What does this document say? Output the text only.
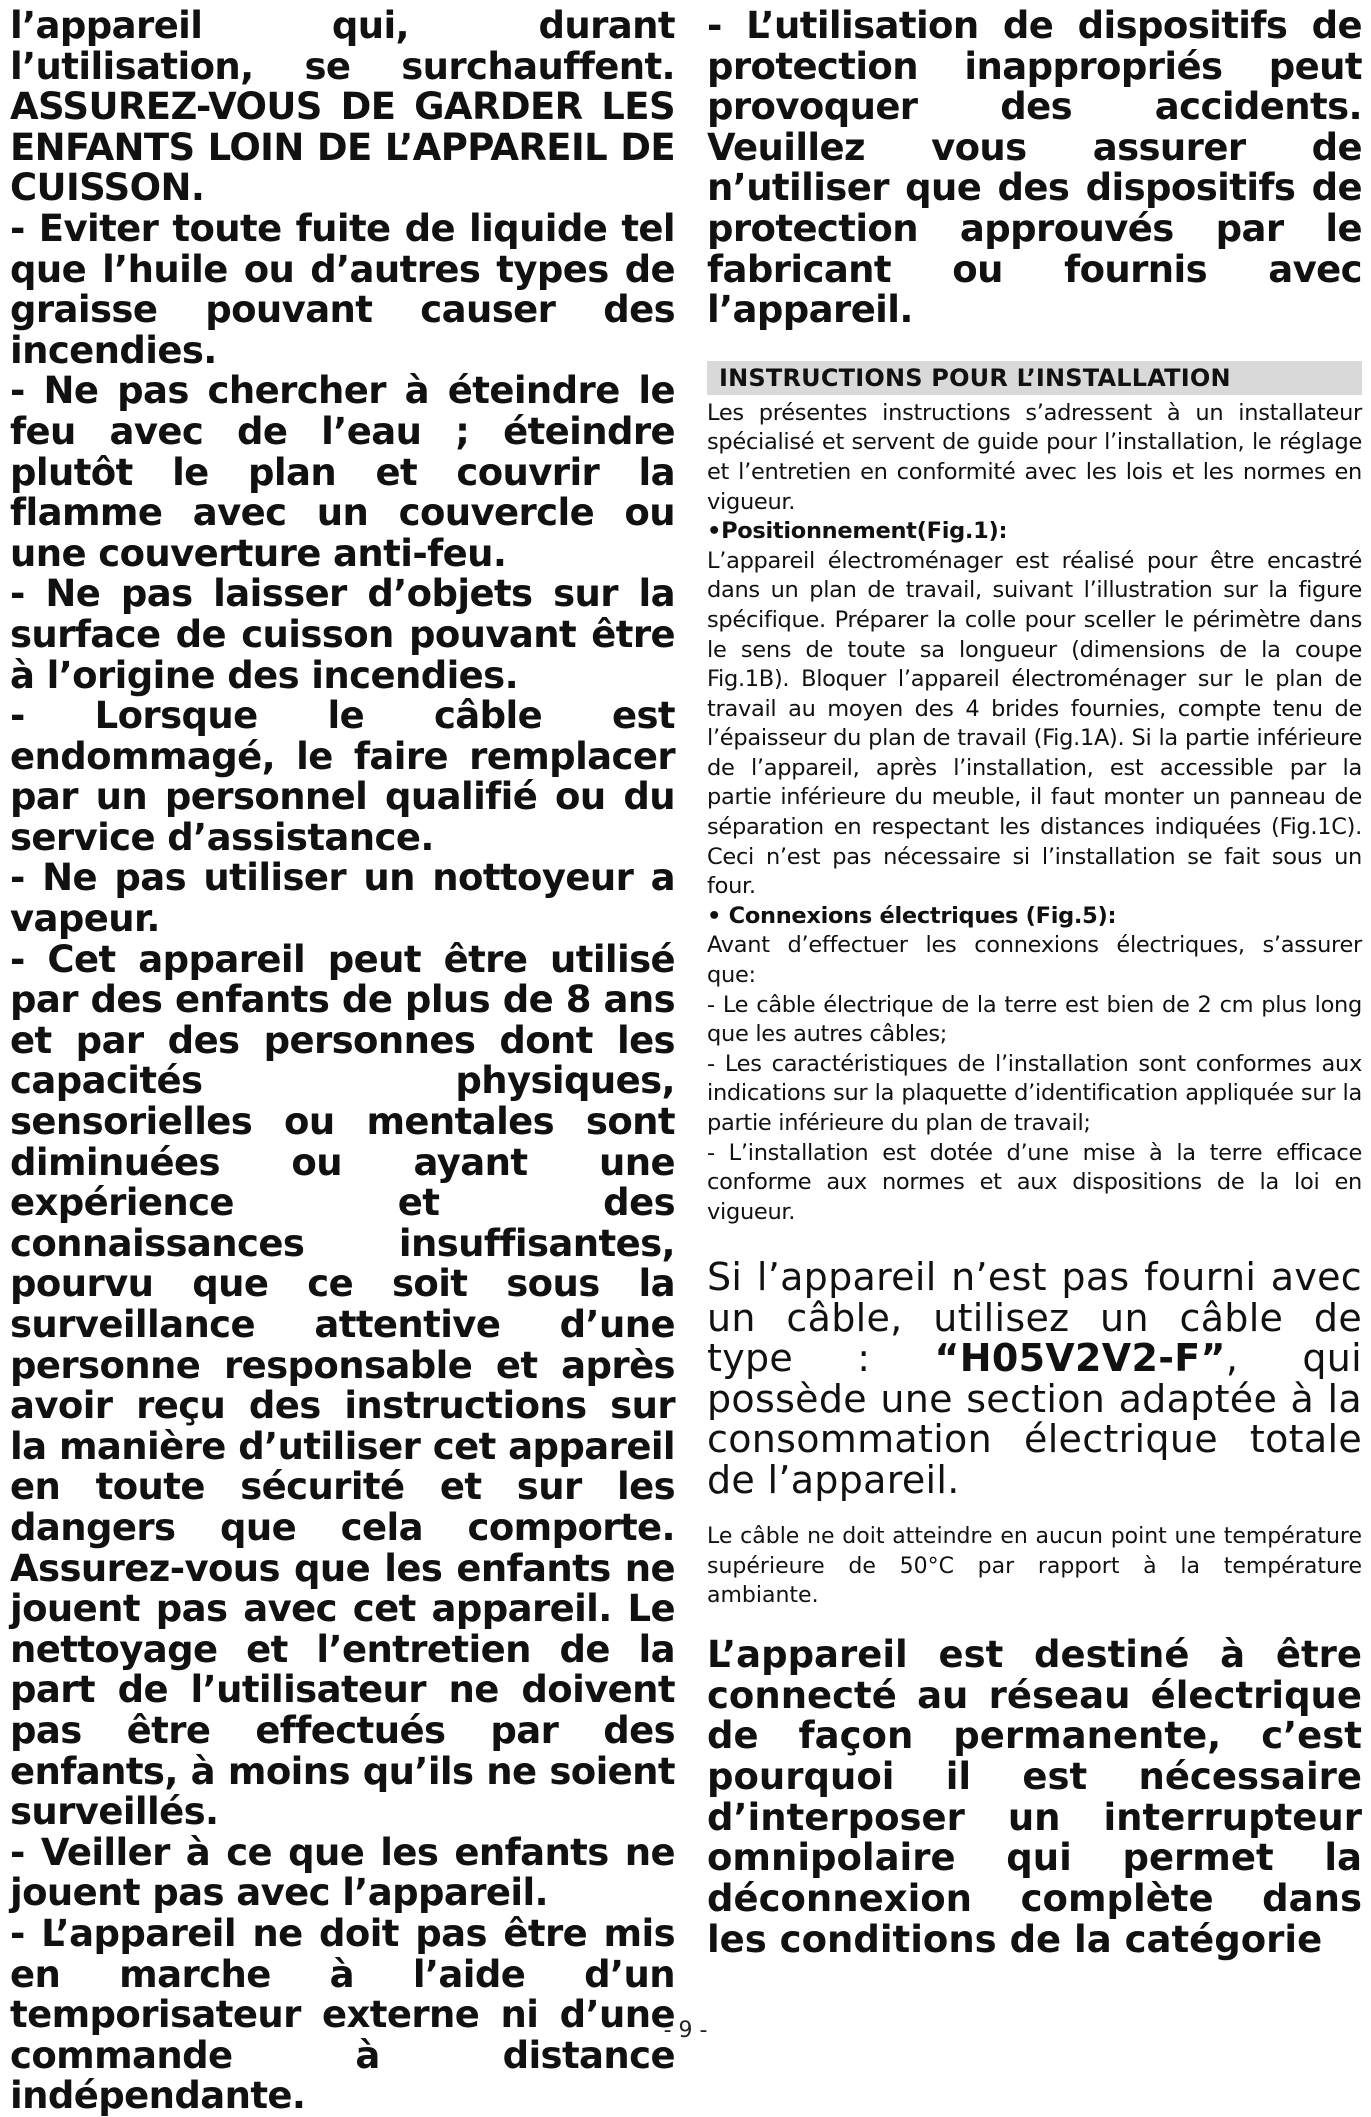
l’appareil qui, durant l’utilisation, se surchauffent. ASSUREZ-VOUS DE GARDER LES ENFANTS LOIN DE L’APPAREIL DE CUISSON.

- Eviter toute fuite de liquide tel que l’huile ou d’autres types de graisse pouvant causer des incendies.

- Ne pas chercher à éteindre le feu avec de l’eau ; éteindre plutôt le plan et couvrir la flamme avec un couvercle ou une couverture anti-feu.

- Ne pas laisser d’objets sur la surface de cuisson pouvant être à l’origine des incendies.

- Lorsque le câble est endommagé, le faire remplacer par un personnel qualifié ou du service d’assistance.

- Ne pas utiliser un nottoyeur a vapeur.

- Cet appareil peut être utilisé par des enfants de plus de 8 ans et par des personnes dont les capacités physiques, sensorielles ou mentales sont diminuées ou ayant une expérience et des connaissances insuffisantes, pourvu que ce soit sous la surveillance attentive d’une personne responsable et après avoir reçu des instructions sur la manière d’utiliser cet appareil en toute sécurité et sur les dangers que cela comporte. Assurez-vous que les enfants ne jouent pas avec cet appareil. Le nettoyage et l’entretien de la part de l’utilisateur ne doivent pas être effectués par des enfants, à moins qu’ils ne soient surveillés.

- Veiller à ce que les enfants ne jouent pas avec l’appareil.

- L’appareil ne doit pas être mis en marche à l’aide d’un temporisateur externe ni d’une commande à distance indépendante.

- L’utilisation de dispositifs de protection inappropriés peut provoquer des accidents. Veuillez vous assurer de n’utiliser que des dispositifs de protection approuvés par le fabricant ou fournis avec l’appareil.

INSTRUCTIONS POUR L’INSTALLATION
Les présentes instructions s’adressent à un installateur spécialisé et servent de guide pour l’installation, le réglage et l’entretien en conformité avec les lois et les normes en vigueur.

•Positionnement(Fig.1):

L’appareil électroménager est réalisé pour être encastré dans un plan de travail, suivant l’illustration sur la figure spécifique. Préparer la colle pour sceller le périmètre dans le sens de toute sa longueur (dimensions de la coupe Fig.1B). Bloquer l’appareil électroménager sur le plan de travail au moyen des 4 brides fournies, compte tenu de l’épaisseur du plan de travail (Fig.1A). Si la partie inférieure de l’appareil, après l’installation, est accessible par la partie inférieure du meuble, il faut monter un panneau de séparation en respectant les distances indiquées (Fig.1C). Ceci n’est pas nécessaire si l’installation se fait sous un four.

• Connexions électriques (Fig.5):

Avant d’effectuer les connexions électriques, s’assurer que:

- Le câble électrique de la terre est bien de 2 cm plus long que les autres câbles;

- Les caractéristiques de l’installation sont conformes aux indications sur la plaquette d’identification appliquée sur la partie inférieure du plan de travail;

- L’installation est dotée d’une mise à la terre efficace conforme aux normes et aux dispositions de la loi en vigueur.

Si l’appareil n’est pas fourni avec un câble, utilisez un câble de type : “H05V2V2-F”, qui possède une section adaptée à la consommation électrique totale de l’appareil.
Le câble ne doit atteindre en aucun point une température supérieure de 50°C par rapport à la température ambiante.
L’appareil est destiné à être connecté au réseau électrique de façon permanente, c’est pourquoi il est nécessaire d’interposer un interrupteur omnipolaire qui permet la déconnexion complète dans les conditions de la catégorie
- 9 -
